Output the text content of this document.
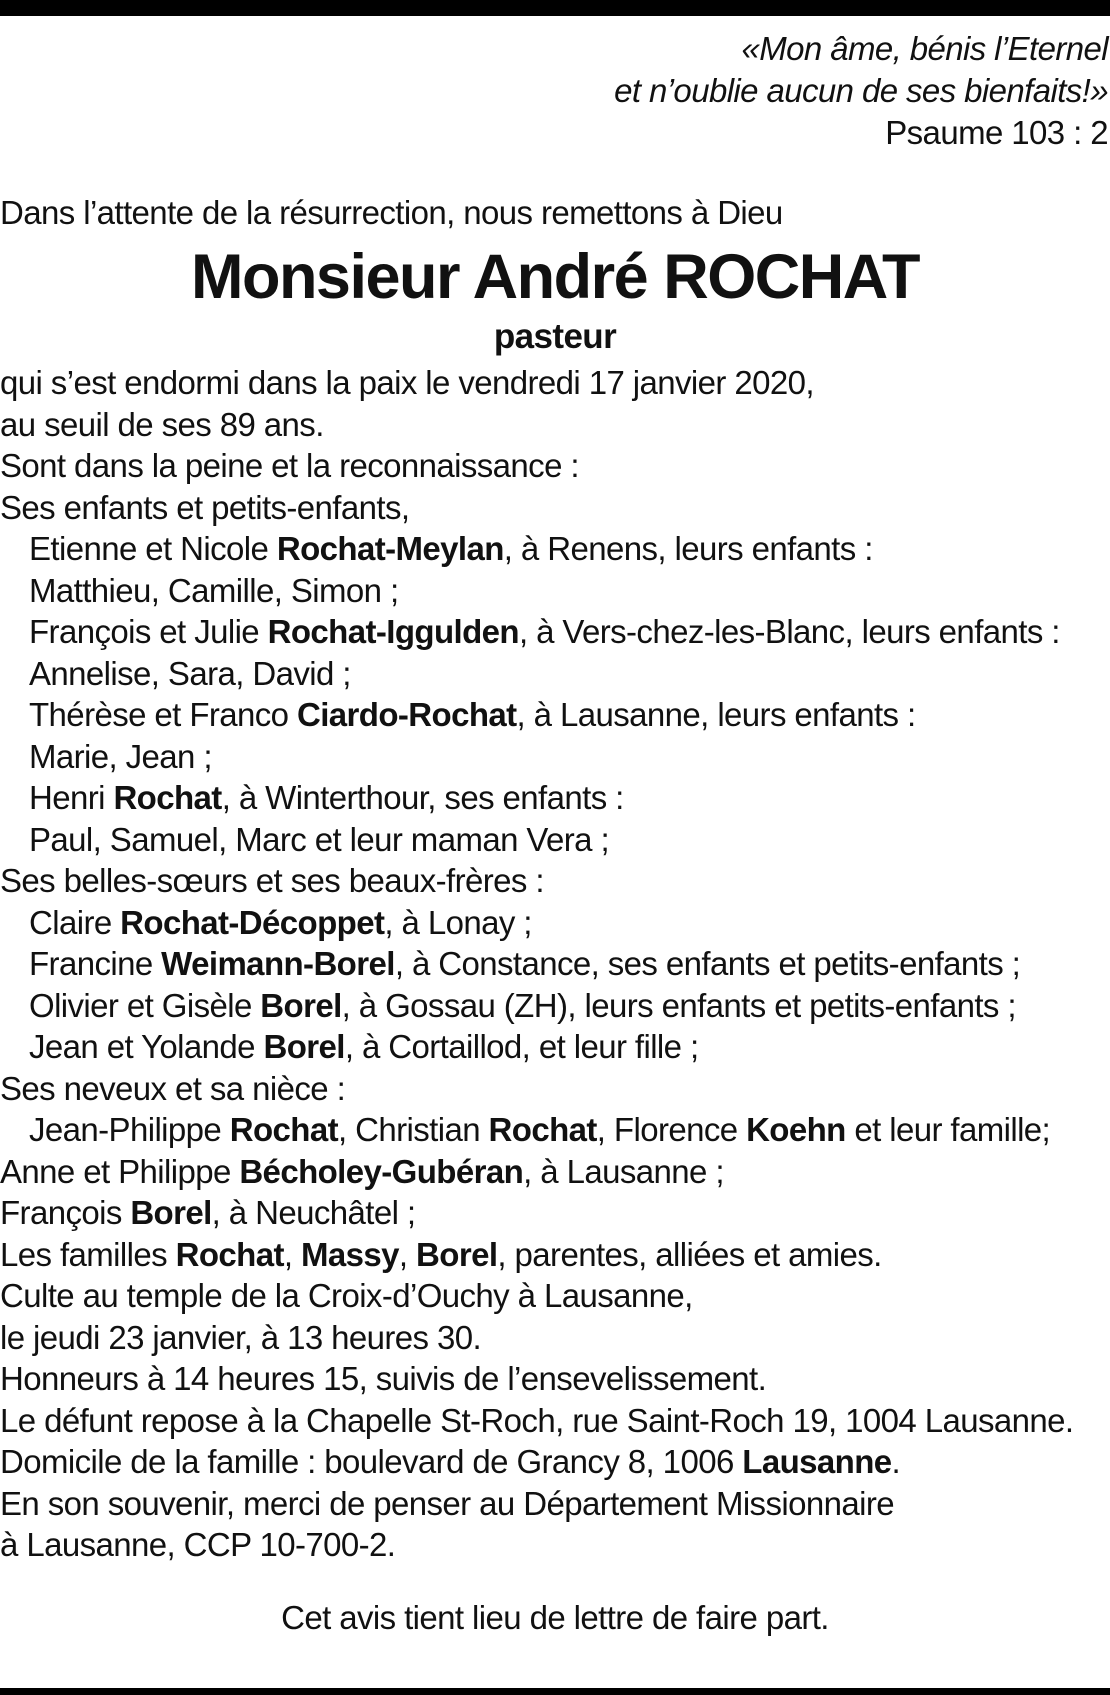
«Mon âme, bénis l’Eternel
et n’oublie aucun de ses bienfaits!»
Psaume 103 : 2
Dans l’attente de la résurrection, nous remettons à Dieu
Monsieur André ROCHAT
pasteur
qui s’est endormi dans la paix le vendredi 17 janvier 2020,
au seuil de ses 89 ans.
Sont dans la peine et la reconnaissance :
Ses enfants et petits-enfants,
Etienne et Nicole Rochat-Meylan, à Renens, leurs enfants :
Matthieu, Camille, Simon ;
François et Julie Rochat-Iggulden, à Vers-chez-les-Blanc, leurs enfants :
Annelise, Sara, David ;
Thérèse et Franco Ciardo-Rochat, à Lausanne, leurs enfants :
Marie, Jean ;
Henri Rochat, à Winterthour, ses enfants :
Paul, Samuel, Marc et leur maman Vera ;
Ses belles-sœurs et ses beaux-frères :
Claire Rochat-Décoppet, à Lonay ;
Francine Weimann-Borel, à Constance, ses enfants et petits-enfants ;
Olivier et Gisèle Borel, à Gossau (ZH), leurs enfants et petits-enfants ;
Jean et Yolande Borel, à Cortaillod, et leur fille ;
Ses neveux et sa nièce :
Jean-Philippe Rochat, Christian Rochat, Florence Koehn et leur famille;
Anne et Philippe Bécholey-Gubéran, à Lausanne ;
François Borel, à Neuchâtel ;
Les familles Rochat, Massy, Borel, parentes, alliées et amies.
Culte au temple de la Croix-d’Ouchy à Lausanne,
le jeudi 23 janvier, à 13 heures 30.
Honneurs à 14 heures 15, suivis de l’ensevelissement.
Le défunt repose à la Chapelle St-Roch, rue Saint-Roch 19, 1004 Lausanne.
Domicile de la famille : boulevard de Grancy 8, 1006 Lausanne.
En son souvenir, merci de penser au Département Missionnaire
à Lausanne, CCP 10-700-2.
Cet avis tient lieu de lettre de faire part.
